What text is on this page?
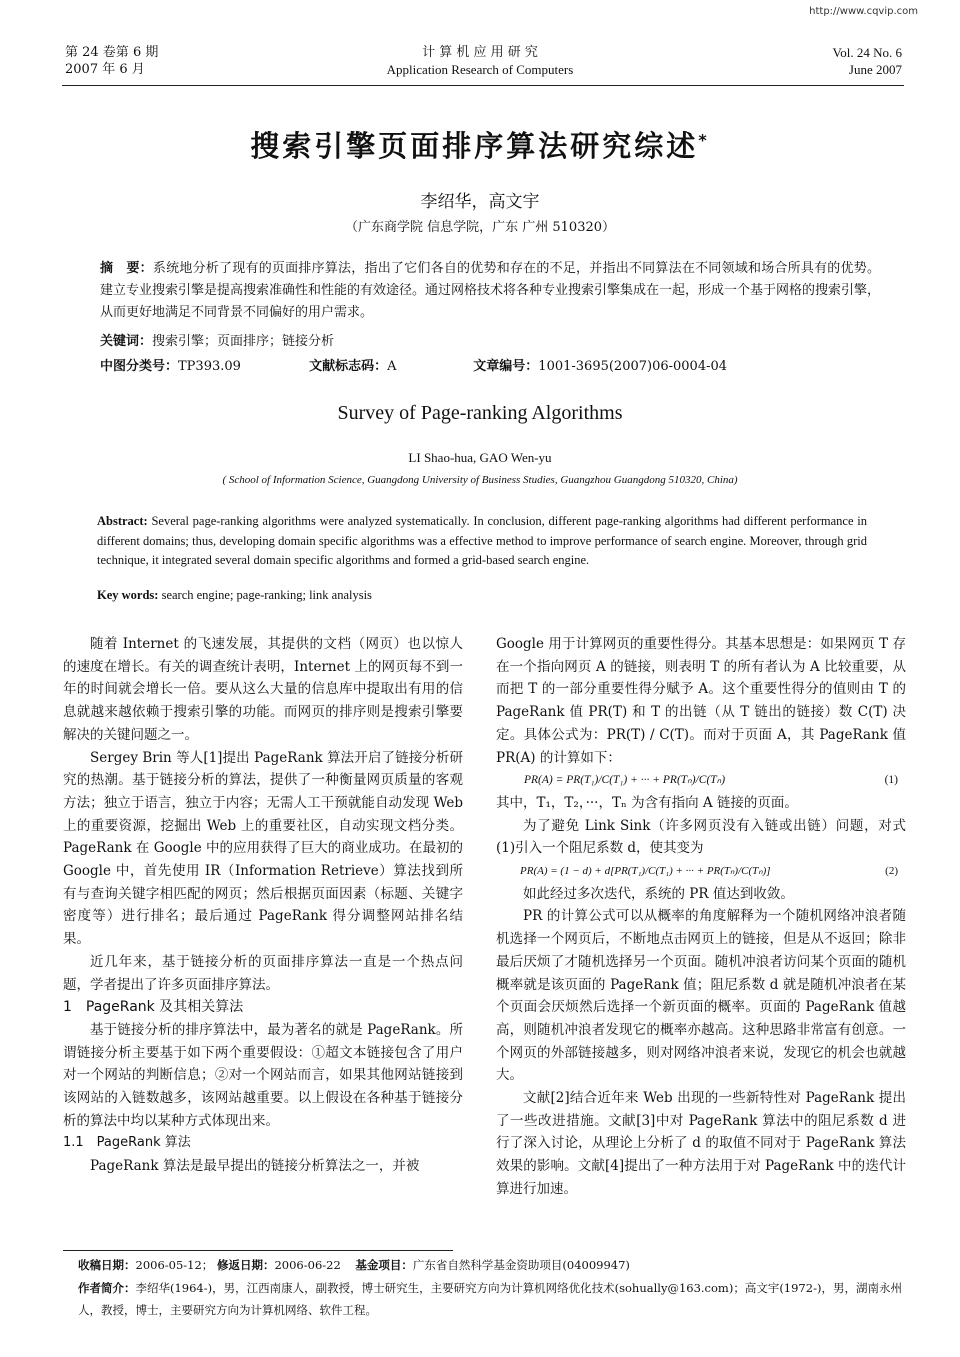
http://www.cqvip.com
第 24 卷第 6 期
2007 年 6 月
计 算 机 应 用 研 究
Application Research of Computers
Vol. 24 No. 6
June 2007
搜索引擎页面排序算法研究综述*
李绍华，高文宇
（广东商学院 信息学院，广东 广州 510320）
摘　要：系统地分析了现有的页面排序算法，指出了它们各自的优势和存在的不足，并指出不同算法在不同领域和场合所具有的优势。建立专业搜索引擎是提高搜索准确性和性能的有效途径。通过网格技术将各种专业搜索引擎集成在一起，形成一个基于网格的搜索引擎，从而更好地满足不同背景不同偏好的用户需求。
关键词：搜索引擎；页面排序；链接分析
中图分类号：TP393.09	文献标志码：A	文章编号：1001-3695(2007)06-0004-04
Survey of Page-ranking Algorithms
LI Shao-hua, GAO Wen-yu
( School of Information Science, Guangdong University of Business Studies, Guangzhou Guangdong 510320, China)
Abstract: Several page-ranking algorithms were analyzed systematically. In conclusion, different page-ranking algorithms had different performance in different domains; thus, developing domain specific algorithms was a effective method to improve performance of search engine. Moreover, through grid technique, it integrated several domain specific algorithms and formed a grid-based search engine.
Key words: search engine; page-ranking; link analysis

随着 Internet 的飞速发展，其提供的文档（网页）也以惊人的速度在增长。有关的调查统计表明，Internet 上的网页每不到一年的时间就会增长一倍。要从这么大量的信息库中提取出有用的信息就越来越依赖于搜索引擎的功能。而网页的排序则是搜索引擎要解决的关键问题之一。

Sergey Brin 等人[1]提出 PageRank 算法开启了链接分析研究的热潮。基于链接分析的算法，提供了一种衡量网页质量的客观方法；独立于语言，独立于内容；无需人工干预就能自动发现 Web 上的重要资源，挖掘出 Web 上的重要社区，自动实现文档分类。PageRank 在 Google 中的应用获得了巨大的商业成功。在最初的 Google 中，首先使用 IR（Information Retrieve）算法找到所有与查询关键字相匹配的网页；然后根据页面因素（标题、关键字密度等）进行排名；最后通过 PageRank 得分调整网站排名结果。

近几年来，基于链接分析的页面排序算法一直是一个热点问题，学者提出了许多页面排序算法。

1　PageRank 及其相关算法

基于链接分析的排序算法中，最为著名的就是 PageRank。所谓链接分析主要基于如下两个重要假设：①超文本链接包含了用户对一个网站的判断信息；②对一个网站而言，如果其他网站链接到该网站的入链数越多，该网站越重要。以上假设在各种基于链接分析的算法中均以某种方式体现出来。

1.1　PageRank 算法

PageRank 算法是最早提出的链接分析算法之一，并被

Google 用于计算网页的重要性得分。其基本思想是：如果网页 T 存在一个指向网页 A 的链接，则表明 T 的所有者认为 A 比较重要，从而把 T 的一部分重要性得分赋予 A。这个重要性得分的值则由 T 的 PageRank 值 PR(T) 和 T 的出链（从 T 链出的链接）数 C(T) 决定。具体公式为：PR(T) / C(T)。而对于页面 A，其 PageRank 值 PR(A) 的计算如下：

PR(A) = PR(T₁)/C(T₁) + ··· + PR(Tₙ)/C(Tₙ)	(1)

其中，T₁，T₂，···，Tₙ 为含有指向 A 链接的页面。

为了避免 Link Sink（许多网页没有入链或出链）问题，对式(1)引入一个阻尼系数 d，使其变为

PR(A) = (1 − d) + d[PR(T₁)/C(T₁) + ··· + PR(Tₙ)/C(Tₙ)]	(2)

如此经过多次迭代，系统的 PR 值达到收敛。

PR 的计算公式可以从概率的角度解释为一个随机网络冲浪者随机选择一个网页后，不断地点击网页上的链接，但是从不返回；除非最后厌烦了才随机选择另一个页面。随机冲浪者访问某个页面的随机概率就是该页面的 PageRank 值；阻尼系数 d 就是随机冲浪者在某个页面会厌烦然后选择一个新页面的概率。页面的 PageRank 值越高，则随机冲浪者发现它的概率亦越高。这种思路非常富有创意。一个网页的外部链接越多，则对网络冲浪者来说，发现它的机会也就越大。

文献[2]结合近年来 Web 出现的一些新特性对 PageRank 提出了一些改进措施。文献[3]中对 PageRank 算法中的阻尼系数 d 进行了深入讨论，从理论上分析了 d 的取值不同对于 PageRank 算法效果的影响。文献[4]提出了一种方法用于对 PageRank 中的迭代计算进行加速。

收稿日期：2006-05-12； 修返日期：2006-06-22 基金项目：广东省自然科学基金资助项目(04009947)
作者简介：李绍华(1964-)，男，江西南康人，副教授，博士研究生，主要研究方向为计算机网络优化技术(sohually@163.com)；高文宇(1972-)，男，湖南永州人，教授，博士，主要研究方向为计算机网络、软件工程。
